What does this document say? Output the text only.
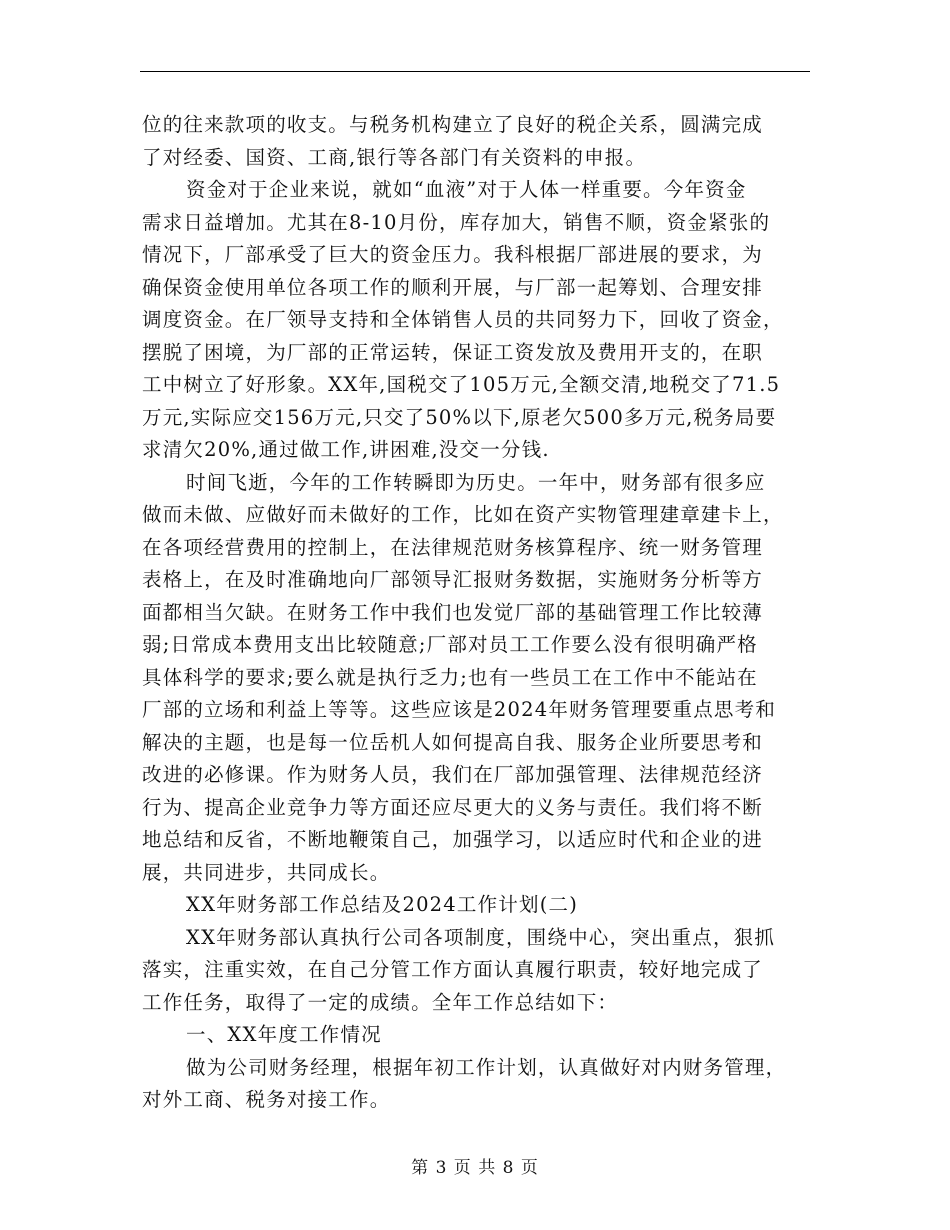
位的往来款项的收支。与税务机构建立了良好的税企关系，圆满完成
了对经委、国资、工商,银行等各部门有关资料的申报。
资金对于企业来说，就如“血液”对于人体一样重要。今年资金
需求日益增加。尤其在8-10月份，库存加大，销售不顺，资金紧张的
情况下，厂部承受了巨大的资金压力。我科根据厂部进展的要求，为
确保资金使用单位各项工作的顺利开展，与厂部一起筹划、合理安排
调度资金。在厂领导支持和全体销售人员的共同努力下，回收了资金，
摆脱了困境，为厂部的正常运转，保证工资发放及费用开支的，在职
工中树立了好形象。XX年,国税交了105万元,全额交清,地税交了71.5
万元,实际应交156万元,只交了50%以下,原老欠500多万元,税务局要
求清欠20%,通过做工作,讲困难,没交一分钱.
时间飞逝，今年的工作转瞬即为历史。一年中，财务部有很多应
做而未做、应做好而未做好的工作，比如在资产实物管理建章建卡上，
在各项经营费用的控制上，在法律规范财务核算程序、统一财务管理
表格上，在及时准确地向厂部领导汇报财务数据，实施财务分析等方
面都相当欠缺。在财务工作中我们也发觉厂部的基础管理工作比较薄
弱;日常成本费用支出比较随意;厂部对员工工作要么没有很明确严格
具体科学的要求;要么就是执行乏力;也有一些员工在工作中不能站在
厂部的立场和利益上等等。这些应该是2024年财务管理要重点思考和
解决的主题，也是每一位岳机人如何提高自我、服务企业所要思考和
改进的必修课。作为财务人员，我们在厂部加强管理、法律规范经济
行为、提高企业竞争力等方面还应尽更大的义务与责任。我们将不断
地总结和反省，不断地鞭策自己，加强学习，以适应时代和企业的进
展，共同进步，共同成长。
XX年财务部工作总结及2024工作计划(二)
XX年财务部认真执行公司各项制度，围绕中心，突出重点，狠抓
落实，注重实效，在自己分管工作方面认真履行职责，较好地完成了
工作任务，取得了一定的成绩。全年工作总结如下：
一、XX年度工作情况
做为公司财务经理，根据年初工作计划，认真做好对内财务管理，
对外工商、税务对接工作。
第 3 页 共 8 页
